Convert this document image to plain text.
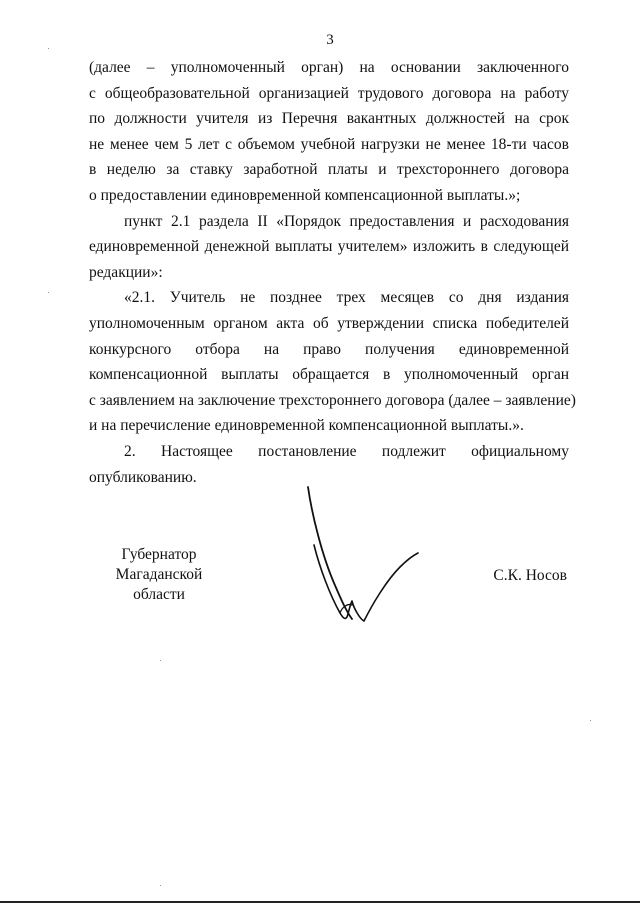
3
(далее – уполномоченный орган) на основании заключенного
с общеобразовательной организацией трудового договора на работу
по должности учителя из Перечня вакантных должностей на срок
не менее чем 5 лет с объемом учебной нагрузки не менее 18-ти часов
в неделю за ставку заработной платы и трехстороннего договора
о предоставлении единовременной компенсационной выплаты.»;
пункт 2.1 раздела II «Порядок предоставления и расходования
единовременной денежной выплаты учителем» изложить в следующей
редакции»:
«2.1. Учитель не позднее трех месяцев со дня издания
уполномоченным органом акта об утверждении списка победителей
конкурсного отбора на право получения единовременной
компенсационной выплаты обращается в уполномоченный орган
с заявлением на заключение трехстороннего договора (далее – заявление)
и на перечисление единовременной компенсационной выплаты.».
2. Настоящее постановление подлежит официальному
опубликованию.
Губернатор
Магаданской области
С.К. Носов
